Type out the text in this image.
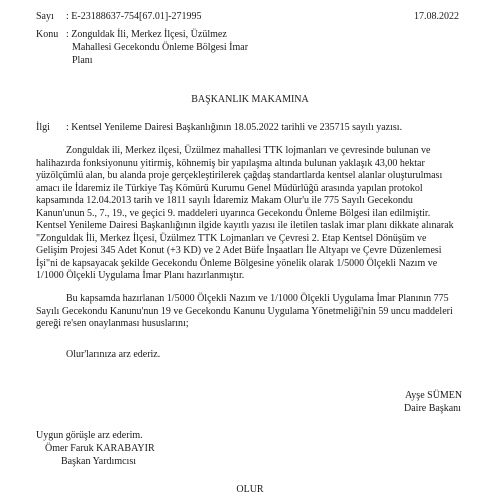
Sayı : E-23188637-754[67.01]-271995	17.08.2022
Konu : Zonguldak İli, Merkez İlçesi, Üzülmez
Mahallesi Gecekondu Önleme Bölgesi İmar
Planı
BAŞKANLIK MAKAMINA
İlgi : Kentsel Yenileme Dairesi Başkanlığının 18.05.2022 tarihli ve 235715 sayılı yazısı.
Zonguldak ili, Merkez ilçesi, Üzülmez mahallesi TTK lojmanları ve çevresinde bulunan ve
halihazırda fonksiyonunu yitirmiş, köhnemiş bir yapılaşma altında bulunan yaklaşık 43,00 hektar
yüzölçümlü alan, bu alanda proje gerçekleştirilerek çağdaş standartlarda kentsel alanlar oluşturulması
amacı ile İdaremiz ile Türkiye Taş Kömürü Kurumu Genel Müdürlüğü arasında yapılan protokol
kapsamında 12.04.2013 tarih ve 1811 sayılı İdaremiz Makam Olur'u ile 775 Sayılı Gecekondu
Kanun'unun 5., 7., 19., ve geçici 9. maddeleri uyarınca Gecekondu Önleme Bölgesi ilan edilmiştir.
Kentsel Yenileme Dairesi Başkanlığının ilgide kayıtlı yazısı ile iletilen taslak imar planı dikkate alınarak
"Zonguldak İli, Merkez İlçesi, Üzülmez TTK Lojmanları ve Çevresi 2. Etap Kentsel Dönüşüm ve
Gelişim Projesi 345 Adet Konut (+3 KD) ve 2 Adet Büfe İnşaatları İle Altyapı ve Çevre Düzenlemesi
İşi"ni de kapsayacak şekilde Gecekondu Önleme Bölgesine yönelik olarak 1/5000 Ölçekli Nazım ve
1/1000 Ölçekli Uygulama İmar Planı hazırlanmıştır.
Bu kapsamda hazırlanan 1/5000 Ölçekli Nazım ve 1/1000 Ölçekli Uygulama İmar Planının 775
Sayılı Gecekondu Kanunu'nun 19 ve Gecekondu Kanunu Uygulama Yönetmeliği'nin 59 uncu maddeleri
gereği re'sen onaylanması hususlarını;
Olur'larınıza arz ederiz.
Ayşe SÜMEN
Daire Başkanı
Uygun görüşle arz ederim.
Ömer Faruk KARABAYIR
Başkan Yardımcısı
OLUR
